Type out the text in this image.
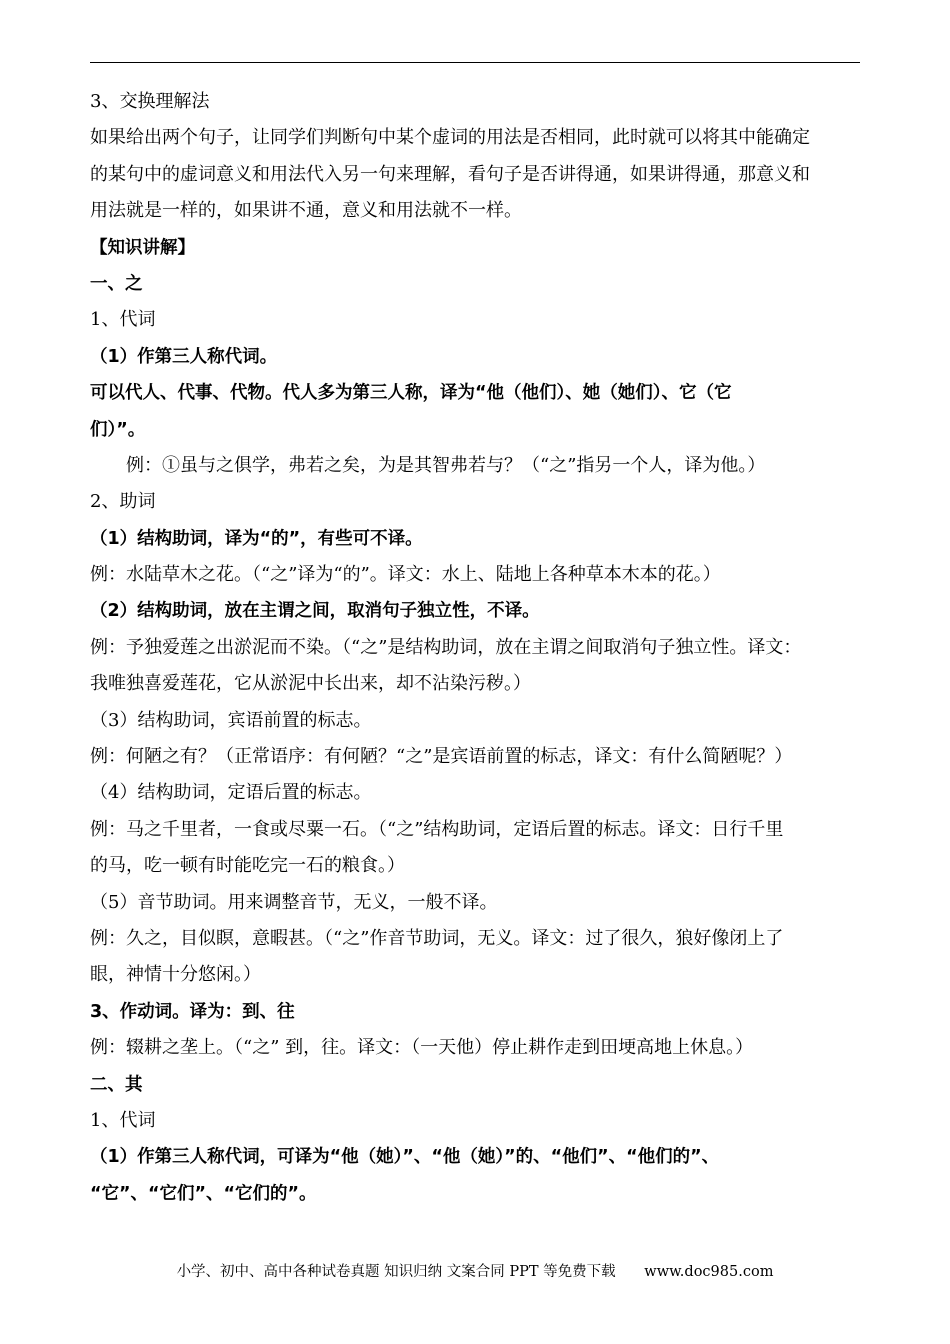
3、交换理解法
如果给出两个句子，让同学们判断句中某个虚词的用法是否相同，此时就可以将其中能确定
的某句中的虚词意义和用法代入另一句来理解，看句子是否讲得通，如果讲得通，那意义和
用法就是一样的，如果讲不通，意义和用法就不一样。
【知识讲解】
一、之
1、代词
（1）作第三人称代词。
可以代人、代事、代物。代人多为第三人称，译为“他（他们）、她（她们）、它（它
们）”。
例：①虽与之俱学，弗若之矣，为是其智弗若与？（“之”指另一个人，译为他。）
2、助词
（1）结构助词，译为“的”，有些可不译。
例：水陆草木之花。（“之”译为“的”。译文：水上、陆地上各种草本木本的花。）
（2）结构助词，放在主谓之间，取消句子独立性，不译。
例：予独爱莲之出淤泥而不染。（“之”是结构助词，放在主谓之间取消句子独立性。译文：
我唯独喜爱莲花，它从淤泥中长出来，却不沾染污秽。）
（3）结构助词，宾语前置的标志。
例：何陋之有？（正常语序：有何陋？“之”是宾语前置的标志，译文：有什么简陋呢？）
（4）结构助词，定语后置的标志。
例：马之千里者，一食或尽粟一石。（“之”结构助词，定语后置的标志。译文：日行千里
的马，吃一顿有时能吃完一石的粮食。）
（5）音节助词。用来调整音节，无义，一般不译。
例：久之，目似瞑，意暇甚。（“之”作音节助词，无义。译文：过了很久，狼好像闭上了
眼，神情十分悠闲。）
3、作动词。译为：到、往
例：辍耕之垄上。（“之” 到，往。译文：（一天他）停止耕作走到田埂高地上休息。）
二、其
1、代词
（1）作第三人称代词，可译为“他（她）”、“他（她）”的、“他们”、“他们的”、
“它”、“它们”、“它们的”。
小学、初中、高中各种试卷真题 知识归纳 文案合同 PPT 等免费下载 www.doc985.com
